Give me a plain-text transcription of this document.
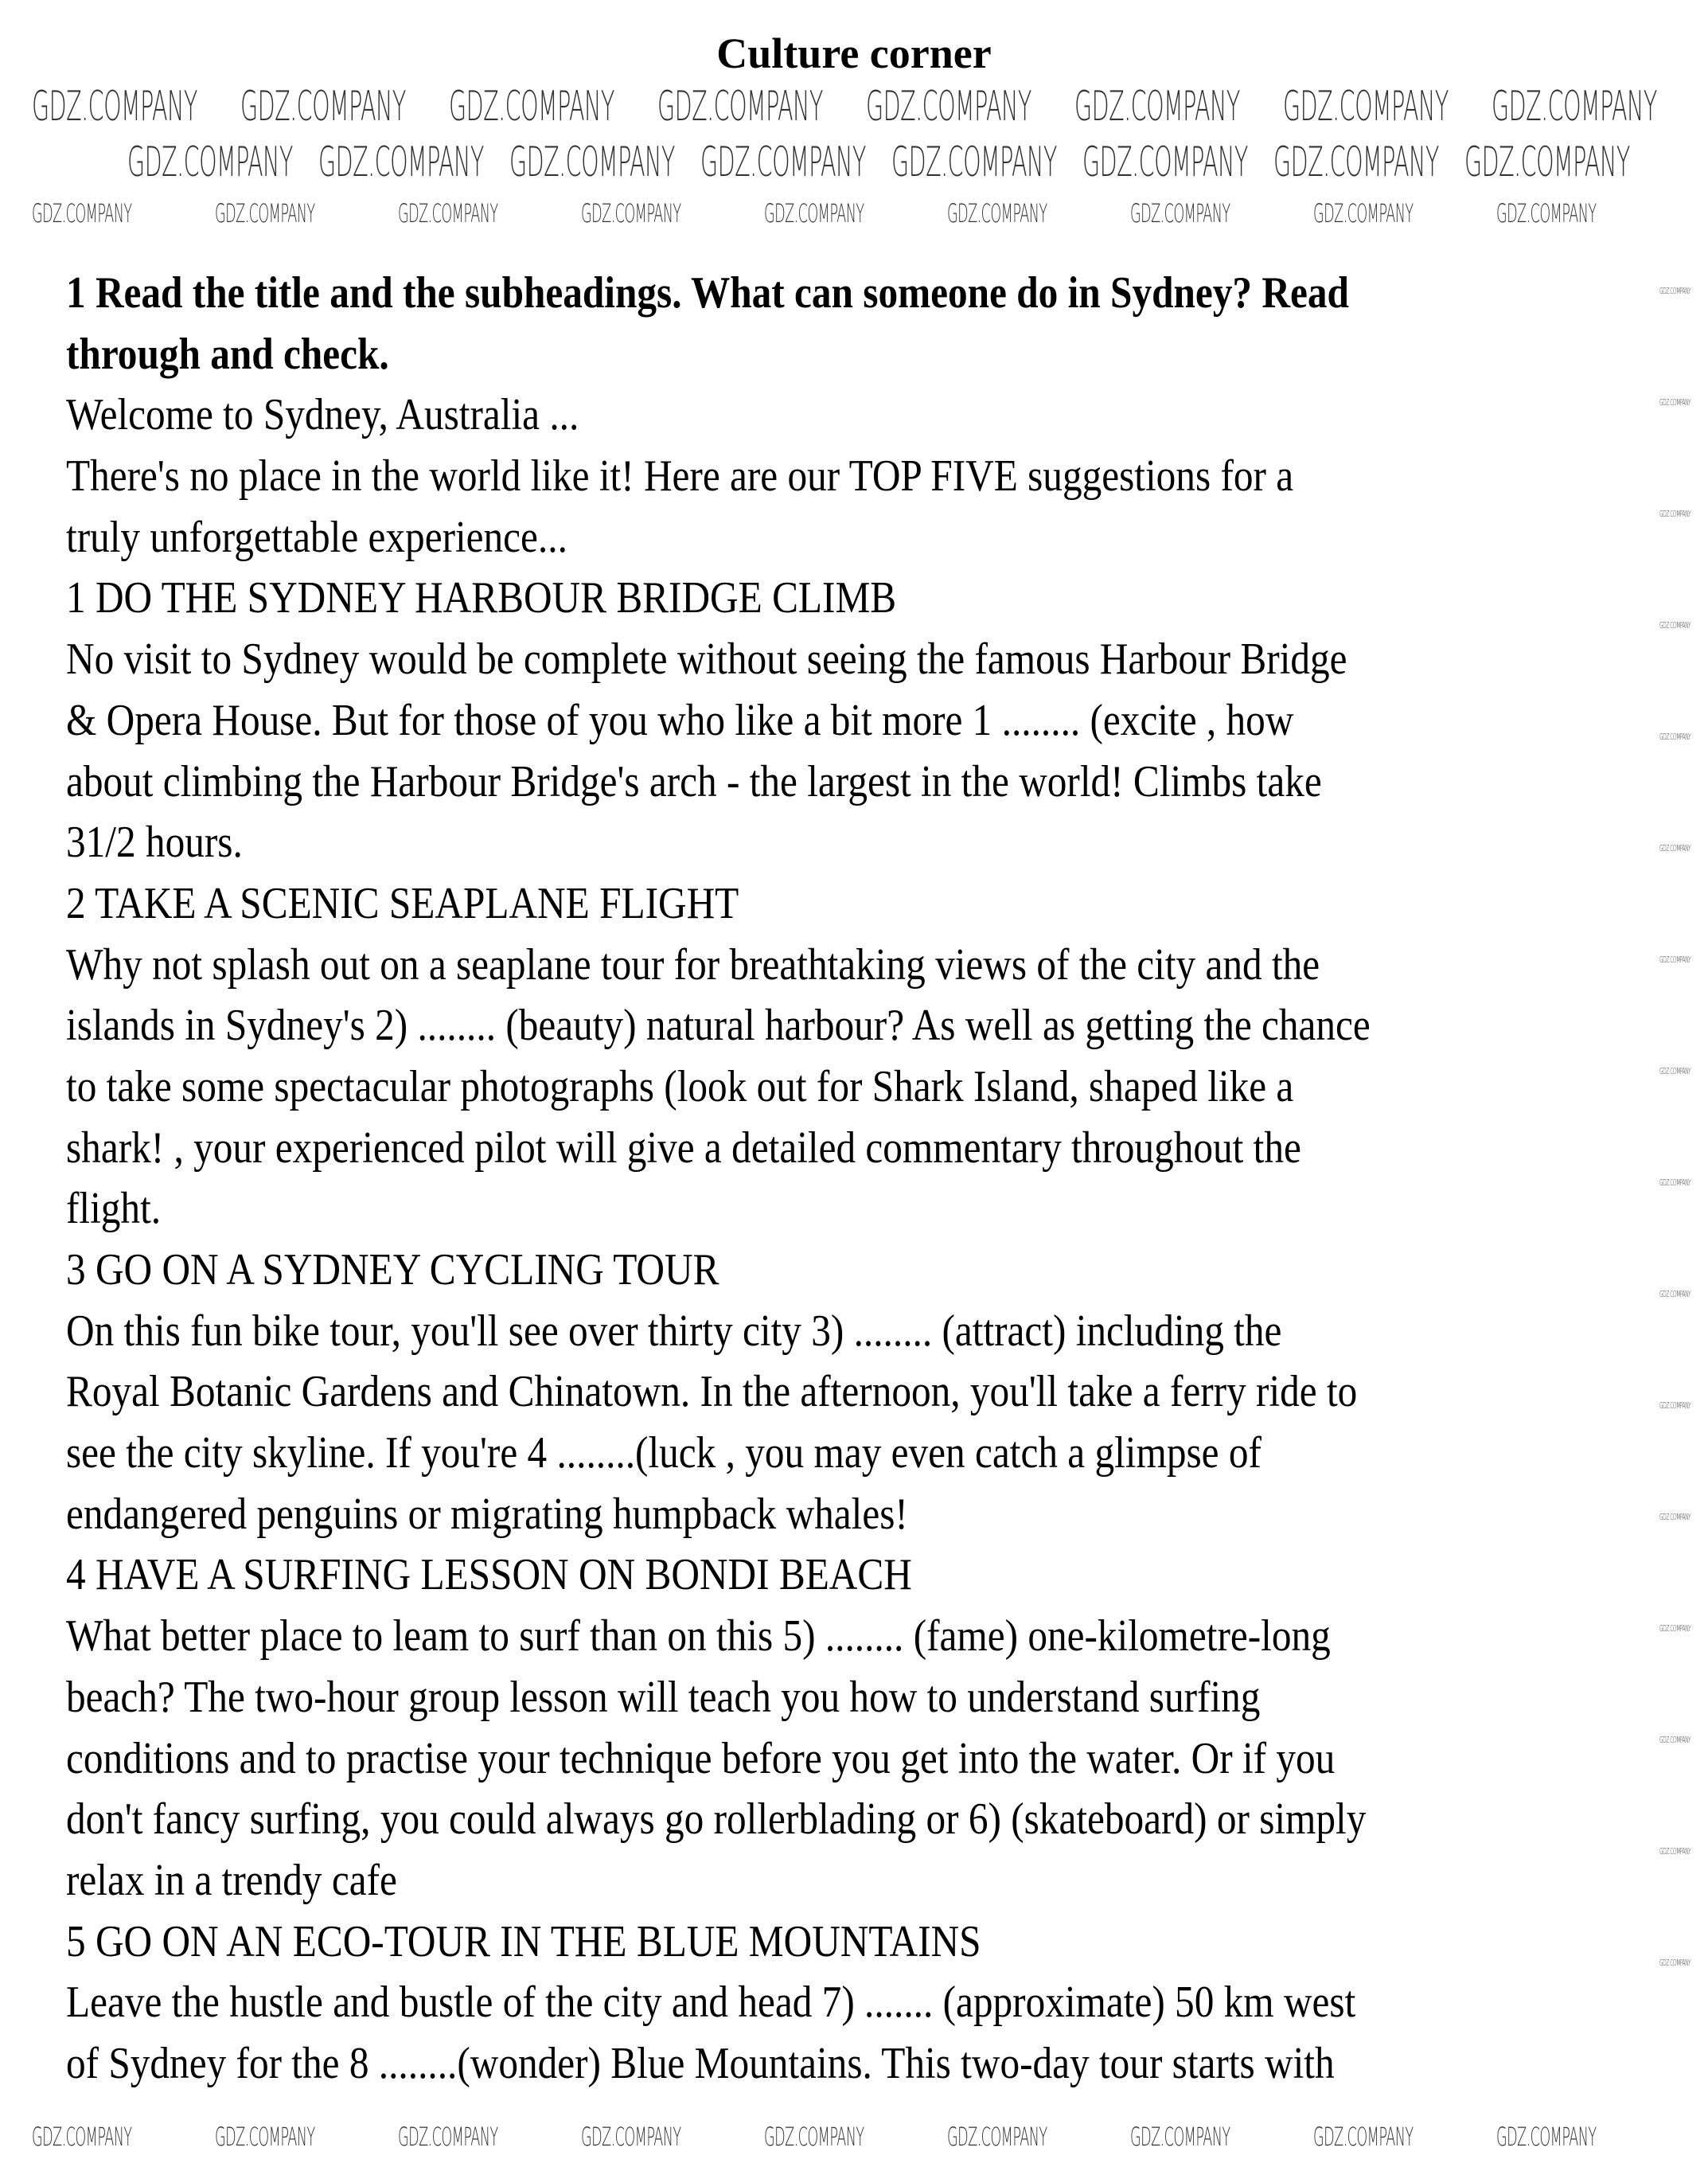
Culture corner
1 Read the title and the subheadings. What can someone do in Sydney? Read
through and check.
Welcome to Sydney, Australia ...
There's no place in the world like it! Here are our TOP FIVE suggestions for a
truly unforgettable experience...
1 DO THE SYDNEY HARBOUR BRIDGE CLIMB
No visit to Sydney would be complete without seeing the famous Harbour Bridge
& Opera House. But for those of you who like a bit more 1 ........ (excite , how
about climbing the Harbour Bridge's arch - the largest in the world! Climbs take
31/2 hours.
2 TAKE A SCENIC SEAPLANE FLIGHT
Why not splash out on a seaplane tour for breathtaking views of the city and the
islands in Sydney's 2) ........ (beauty) natural harbour? As well as getting the chance
to take some spectacular photographs (look out for Shark Island, shaped like a
shark! , your experienced pilot will give a detailed commentary throughout the
flight.
3 GO ON A SYDNEY CYCLING TOUR
On this fun bike tour, you'll see over thirty city 3) ........ (attract) including the
Royal Botanic Gardens and Chinatown. In the afternoon, you'll take a ferry ride to
see the city skyline. If you're 4 ........(luck , you may even catch a glimpse of
endangered penguins or migrating humpback whales!
4 HAVE A SURFING LESSON ON BONDI BEACH
What better place to leam to surf than on this 5) ........ (fame) one-kilometre-long
beach? The two-hour group lesson will teach you how to understand surfing
conditions and to practise your technique before you get into the water. Or if you
don't fancy surfing, you could always go rollerblading or 6) (skateboard) or simply
relax in a trendy cafe
5 GO ON AN ECO-TOUR IN THE BLUE MOUNTAINS
Leave the hustle and bustle of the city and head 7) ....... (approximate) 50 km west
of Sydney for the 8 ........(wonder) Blue Mountains. This two-day tour starts with
GDZ.COMPANY GDZ.COMPANY GDZ.COMPANY GDZ.COMPANY GDZ.COMPANY GDZ.COMPANY GDZ.COMPANY GDZ.COMPANY
GDZ.COMPANY GDZ.COMPANY GDZ.COMPANY GDZ.COMPANY GDZ.COMPANY GDZ.COMPANY GDZ.COMPANY GDZ.COMPANY
GDZ.COMPANY	GDZ.COMPANY	GDZ.COMPANY	GDZ.COMPANY	GDZ.COMPANY	GDZ.COMPANY	GDZ.COMPANY	GDZ.COMPANY	GDZ.COMPANY
GDZ.COMPANY	GDZ.COMPANY	GDZ.COMPANY	GDZ.COMPANY	GDZ.COMPANY	GDZ.COMPANY	GDZ.COMPANY	GDZ.COMPANY	GDZ.COMPANY
GDZ.COMPANY
GDZ.COMPANY
GDZ.COMPANY
GDZ.COMPANY
GDZ.COMPANY
GDZ.COMPANY
GDZ.COMPANY
GDZ.COMPANY
GDZ.COMPANY
GDZ.COMPANY
GDZ.COMPANY
GDZ.COMPANY
GDZ.COMPANY
GDZ.COMPANY
GDZ.COMPANY
GDZ.COMPANY
